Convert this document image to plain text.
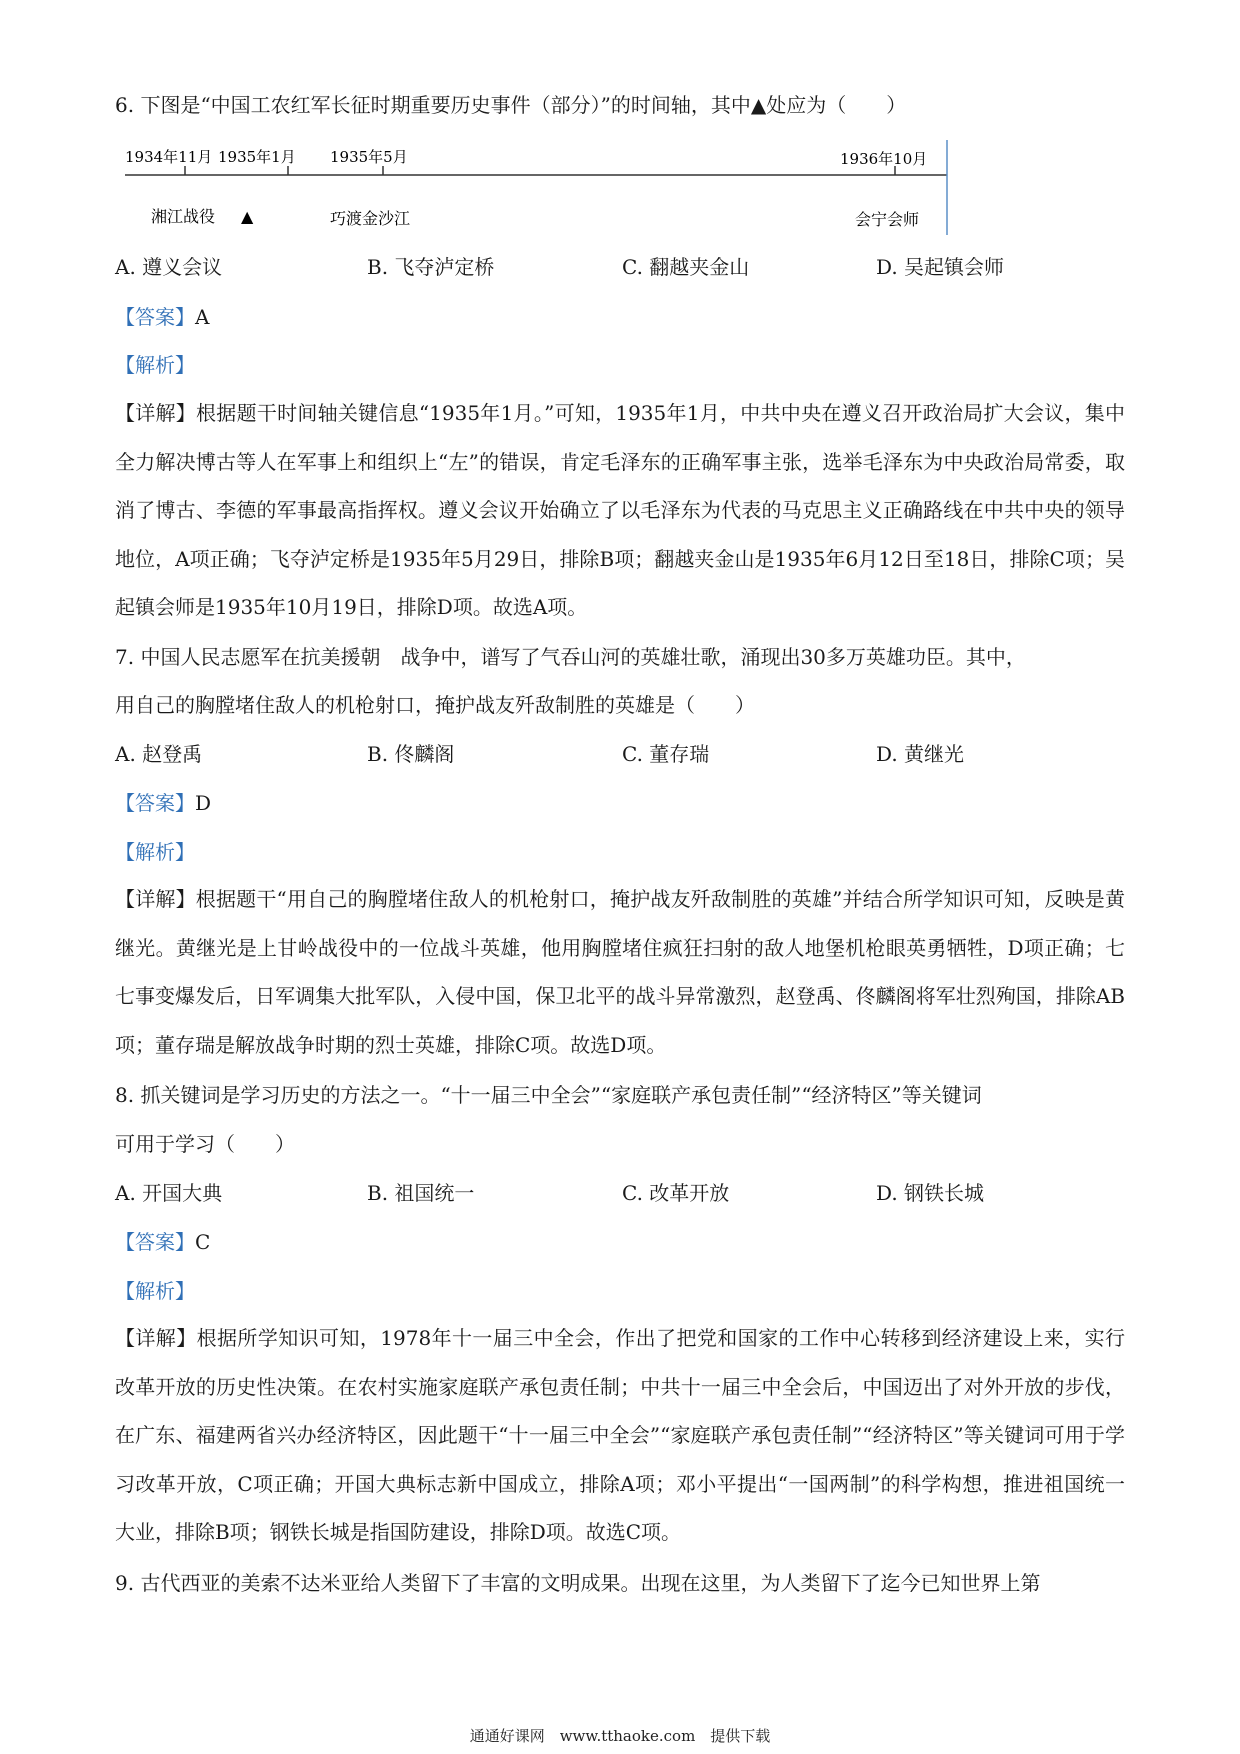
6. 下图是“中国工农红军长征时期重要历史事件（部分）”的时间轴，其中▲处应为（　　）
1934年11月 1935年1月 1935年5月	1936年10月
湘江战役 ▲	巧渡金沙江	会宁会师
A. 遵义会议	B. 飞夺泸定桥	C. 翻越夹金山	D. 吴起镇会师
【答案】A
【解析】
【详解】根据题干时间轴关键信息“1935年1月。”可知，1935年1月，中共中央在遵义召开政治局扩大会议，集中全力解决博古等人在军事上和组织上“左”的错误，肯定毛泽东的正确军事主张，选举毛泽东为中央政治局常委，取消了博古、李德的军事最高指挥权。遵义会议开始确立了以毛泽东为代表的马克思主义正确路线在中共中央的领导地位，A项正确；飞夺泸定桥是1935年5月29日，排除B项；翻越夹金山是1935年6月12日至18日，排除C项；吴起镇会师是1935年10月19日，排除D项。故选A项。
7. 中国人民志愿军在抗美援朝　战争中，谱写了气吞山河的英雄壮歌，涌现出30多万英雄功臣。其中，
用自己的胸膛堵住敌人的机枪射口，掩护战友歼敌制胜的英雄是（　　）
A. 赵登禹	B. 佟麟阁	C. 董存瑞	D. 黄继光
【答案】D
【解析】
【详解】根据题干“用自己的胸膛堵住敌人的机枪射口，掩护战友歼敌制胜的英雄”并结合所学知识可知，反映是黄继光。黄继光是上甘岭战役中的一位战斗英雄，他用胸膛堵住疯狂扫射的敌人地堡机枪眼英勇牺牲，D项正确；七七事变爆发后，日军调集大批军队，入侵中国，保卫北平的战斗异常激烈，赵登禹、佟麟阁将军壮烈殉国，排除AB项；董存瑞是解放战争时期的烈士英雄，排除C项。故选D项。
8. 抓关键词是学习历史的方法之一。“十一届三中全会”“家庭联产承包责任制”“经济特区”等关键词
可用于学习（　　）
A. 开国大典	B. 祖国统一	C. 改革开放	D. 钢铁长城
【答案】C
【解析】
【详解】根据所学知识可知，1978年十一届三中全会，作出了把党和国家的工作中心转移到经济建设上来，实行改革开放的历史性决策。在农村实施家庭联产承包责任制；中共十一届三中全会后，中国迈出了对外开放的步伐，在广东、福建两省兴办经济特区，因此题干“十一届三中全会”“家庭联产承包责任制”“经济特区”等关键词可用于学习改革开放，C项正确；开国大典标志新中国成立，排除A项；邓小平提出“一国两制”的科学构想，推进祖国统一大业，排除B项；钢铁长城是指国防建设，排除D项。故选C项。
9. 古代西亚的美索不达米亚给人类留下了丰富的文明成果。出现在这里，为人类留下了迄今已知世界上第
通通好课网　www.tthaoke.com　提供下载
